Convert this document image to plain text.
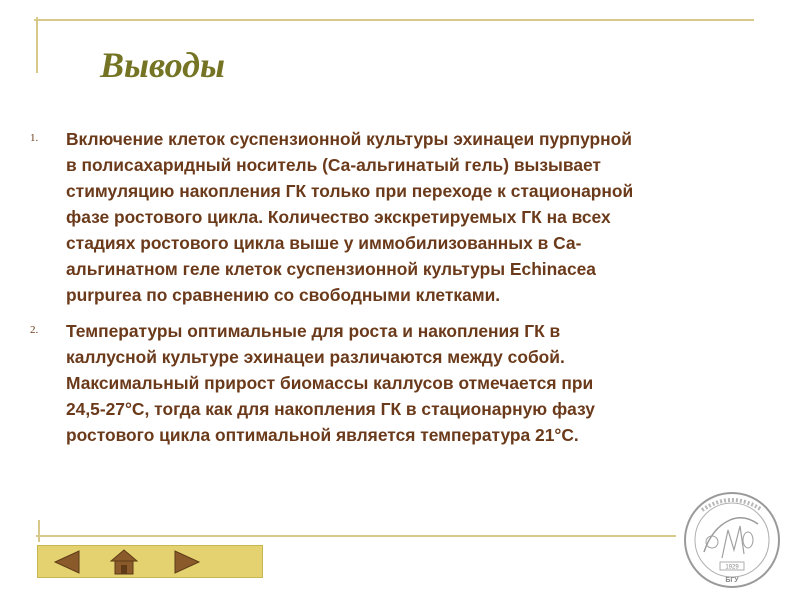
Выводы
1.	Включение клеток суспензионной культуры эхинацеи пурпурной
в полисахаридный носитель (Са-альгинатый гель) вызывает
стимуляцию накопления ГК только при переходе к стационарной
фазе ростового цикла. Количество экскретируемых ГК на всех
стадиях ростового цикла выше у иммобилизованных в Са-
альгинатном геле клеток суспензионной культуры Echinacea
purpurea по сравнению со свободными клетками.
2.	Температуры оптимальные для роста и накопления ГК в
каллусной культуре эхинацеи различаются между собой.
Максимальный прирост биомассы каллусов отмечается при
24,5-27°С, тогда как для накопления ГК в стационарную фазу
ростового цикла оптимальной является температура 21°С.
1929
БГУ
